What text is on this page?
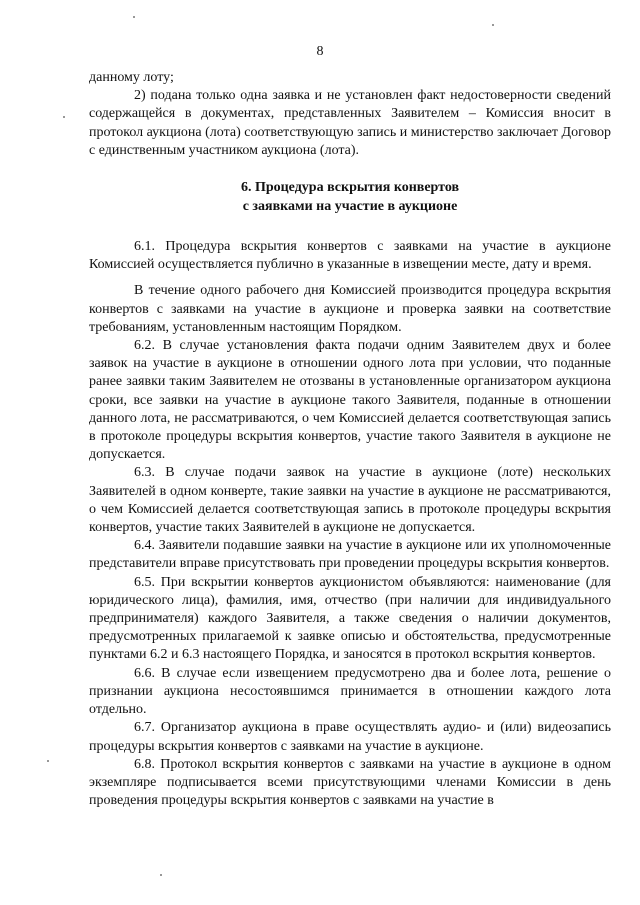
8

данному лоту;

2) подана только одна заявка и не установлен факт недостоверности сведений содержащейся в документах, представленных Заявителем – Комиссия вносит в протокол аукциона (лота) соответствующую запись и министерство заключает Договор с единственным участником аукциона (лота).

6. Процедура вскрытия конвертов
с заявками на участие в аукционе

6.1. Процедура вскрытия конвертов с заявками на участие в аукционе Комиссией осуществляется публично в указанные в извещении месте, дату и время.

В течение одного рабочего дня Комиссией производится процедура вскрытия конвертов с заявками на участие в аукционе и проверка заявки на соответствие требованиям, установленным настоящим Порядком.

6.2. В случае установления факта подачи одним Заявителем двух и более заявок на участие в аукционе в отношении одного лота при условии, что поданные ранее заявки таким Заявителем не отозваны в установленные организатором аукциона сроки, все заявки на участие в аукционе такого Заявителя, поданные в отношении данного лота, не рассматриваются, о чем Комиссией делается соответствующая запись в протоколе процедуры вскрытия конвертов, участие такого Заявителя в аукционе не допускается.

6.3. В случае подачи заявок на участие в аукционе (лоте) нескольких Заявителей в одном конверте, такие заявки на участие в аукционе не рассматриваются, о чем Комиссией делается соответствующая запись в протоколе процедуры вскрытия конвертов, участие таких Заявителей в аукционе не допускается.

6.4. Заявители подавшие заявки на участие в аукционе или их уполномоченные представители вправе присутствовать при проведении процедуры вскрытия конвертов.

6.5. При вскрытии конвертов аукционистом объявляются: наименование (для юридического лица), фамилия, имя, отчество (при наличии для индивидуального предпринимателя) каждого Заявителя, а также сведения о наличии документов, предусмотренных прилагаемой к заявке описью и обстоятельства, предусмотренные пунктами 6.2 и 6.3 настоящего Порядка, и заносятся в протокол вскрытия конвертов.

6.6. В случае если извещением предусмотрено два и более лота, решение о признании аукциона несостоявшимся принимается в отношении каждого лота отдельно.

6.7. Организатор аукциона в праве осуществлять аудио- и (или) видеозапись процедуры вскрытия конвертов с заявками на участие в аукционе.

6.8. Протокол вскрытия конвертов с заявками на участие в аукционе в одном экземпляре подписывается всеми присутствующими членами Комиссии в день проведения процедуры вскрытия конвертов с заявками на участие в
